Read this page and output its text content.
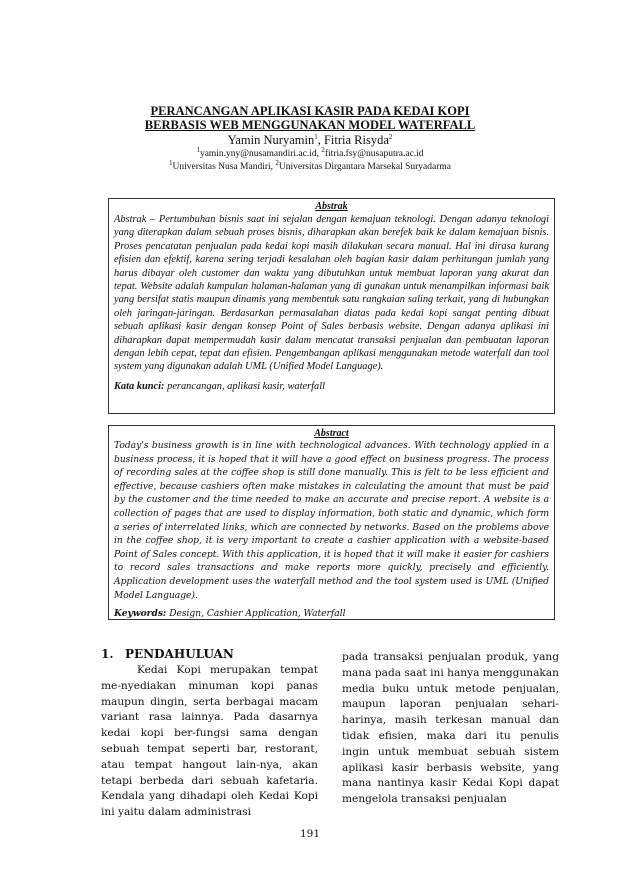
PERANCANGAN APLIKASI KASIR PADA KEDAI KOPI
BERBASIS WEB MENGGUNAKAN MODEL WATERFALL
Yamin Nuryamin$^1$, Fitria Risyda$^2$
$^1$yamin.yny@nusamandiri.ac.id, $^2$fitria.fsy@nusaputra.ac.id
$^1$Universitas Nusa Mandiri, $^2$Universitas Dirgantara Marsekal Suryadarma
Abstrak

Abstrak – Pertumbuhan bisnis saat ini sejalan dengan kemajuan teknologi. Dengan adanya teknologi yang diterapkan dalam sebuah proses bisnis, diharapkan akan berefek baik ke dalam kemajuan bisnis. Proses pencatatan penjualan pada kedai kopi masih dilakukan secara manual. Hal ini dirasa kurang efisien dan efektif, karena sering terjadi kesalahan oleh bagian kasir dalam perhitungan jumlah yang harus dibayar oleh customer dan waktu yang dibutuhkan untuk membuat laporan yang akurat dan tepat. Website adalah kumpulan halaman-halaman yang di gunakan untuk menampilkan informasi baik yang bersifat statis maupun dinamis yang membentuk satu rangkaian saling terkait, yang di hubungkan oleh jaringan-jaringan. Berdasarkan permasalahan diatas pada kedai kopi sangat penting dibuat sebuah aplikasi kasir dengan konsep Point of Sales berbasis website. Dengan adanya aplikasi ini diharapkan dapat mempermudah kasir dalam mencatat transaksi penjualan dan pembuatan laporan dengan lebih cepat, tepat dan efisien. Pengembangan aplikasi menggunakan metode waterfall dan tool system yang digunakan adalah UML (Unified Model Language).

Kata kunci: perancangan, aplikasi kasir, waterfall
Abstract

Today's business growth is in line with technological advances. With technology applied in a business process, it is hoped that it will have a good effect on business progress. The process of recording sales at the coffee shop is still done manually. This is felt to be less efficient and effective, because cashiers often make mistakes in calculating the amount that must be paid by the customer and the time needed to make an accurate and precise report. A website is a collection of pages that are used to display information, both static and dynamic, which form a series of interrelated links, which are connected by networks. Based on the problems above in the coffee shop, it is very important to create a cashier application with a website-based Point of Sales concept. With this application, it is hoped that it will make it easier for cashiers to record sales transactions and make reports more quickly, precisely and efficiently. Application development uses the waterfall method and the tool system used is UML (Unified Model Language).

Keywords: Design, Cashier Application, Waterfall
1. PENDAHULUAN
Kedai Kopi merupakan tempat me-nyediakan minuman kopi panas maupun dingin, serta berbagai macam variant rasa lainnya. Pada dasarnya kedai kopi ber-fungsi sama dengan sebuah tempat seperti bar, restorant, atau tempat hangout lain-nya, akan tetapi berbeda dari sebuah kafetaria. Kendala yang dihadapi oleh Kedai Kopi ini yaitu dalam administrasi
pada transaksi penjualan produk, yang mana pada saat ini hanya menggunakan media buku untuk metode penjualan, maupun laporan penjualan sehari-harinya, masih terkesan manual dan tidak efisien, maka dari itu penulis ingin untuk membuat sebuah sistem aplikasi kasir berbasis website, yang mana nantinya kasir Kedai Kopi dapat mengelola transaksi penjualan
191
